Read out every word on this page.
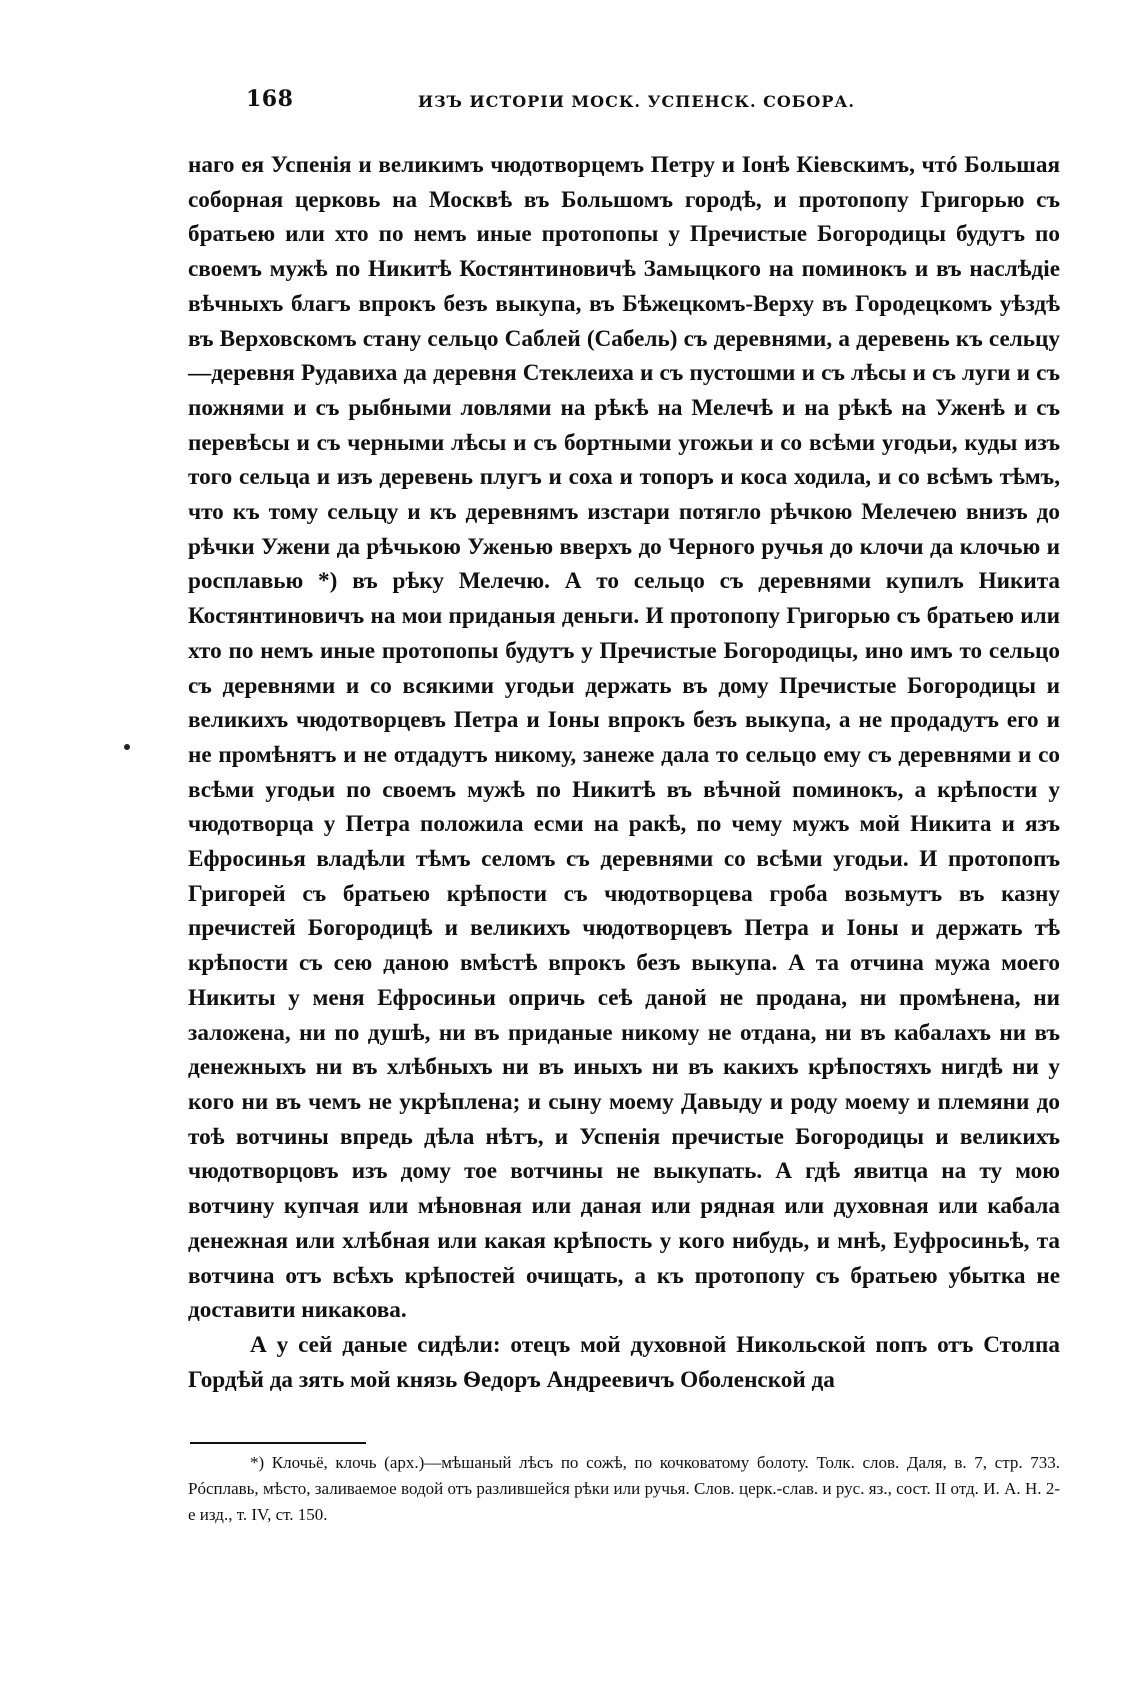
168	ИЗЪ ИСТОРІИ МОСК. УСПЕНСК. СОБОРА.

наго ея Успенія и великимъ чюдотворцемъ Петру и Іонѣ Кіевскимъ, чтó Большая соборная церковь на Москвѣ въ Большомъ городѣ, и протопопу Григорью съ братьею или хто по немъ иные протопопы у Пречистые Богородицы будутъ по своемъ мужѣ по Никитѣ Костянтиновичѣ Замыцкого на поминокъ и въ наслѣдіе вѣчныхъ благъ впрокъ безъ выкупа, въ Бѣжецкомъ-Верху въ Городецкомъ уѣздѣ въ Верховскомъ стану сельцо Саблей (Сабель) съ деревнями, а деревень къ сельцу —деревня Рудавиха да деревня Стеклеиха и съ пустошми и съ лѣсы и съ луги и съ пожнями и съ рыбными ловлями на рѣкѣ на Мелечѣ и на рѣкѣ на Уженѣ и съ перевѣсы и съ черными лѣсы и съ бортными угожьи и со всѣми угодьи, куды изъ того сельца и изъ деревень плугъ и соха и топоръ и коса ходила, и со всѣмъ тѣмъ, что къ тому сельцу и къ деревнямъ изстари потягло рѣчкою Мелечею внизъ до рѣчки Ужени да рѣчькою Уженью вверхъ до Черного ручья до клочи да клочью и росплавью *) въ рѣку Мелечю. А то сельцо съ деревнями купилъ Никита Костянтиновичъ на мои приданыя деньги. И протопопу Григорью съ братьею или хто по немъ иные протопопы будутъ у Пречистые Богородицы, ино имъ то сельцо съ деревнями и со всякими угодьи держать въ дому Пречистые Богородицы и великихъ чюдотворцевъ Петра и Іоны впрокъ безъ выкупа, а не продадутъ его и не промѣнятъ и не отдадутъ никому, занеже дала то сельцо ему съ деревнями и со всѣми угодьи по своемъ мужѣ по Никитѣ въ вѣчной поминокъ, а крѣпости у чюдотворца у Петра положила есми на ракѣ, по чему мужъ мой Никита и язъ Ефросинья владѣли тѣмъ селомъ съ деревнями со всѣми угодьи. И протопопъ Григорей съ братьею крѣпости съ чюдотворцева гроба возьмутъ въ казну пречистей Богородицѣ и великихъ чюдотворцевъ Петра и Іоны и держать тѣ крѣпости съ сею даною вмѣстѣ впрокъ безъ выкупа. А та отчина мужа моего Никиты у меня Ефросиньи опричь сеѣ даной не продана, ни промѣнена, ни заложена, ни по душѣ, ни въ приданые никому не отдана, ни въ кабалахъ ни въ денежныхъ ни въ хлѣбныхъ ни въ иныхъ ни въ какихъ крѣпостяхъ нигдѣ ни у кого ни въ чемъ не укрѣплена; и сыну моему Давыду и роду моему и племяни до тоѣ вотчины впредь дѣла нѣтъ, и Успенія пречистые Богородицы и великихъ чюдотворцовъ изъ дому тое вотчины не выкупать. А гдѣ явитца на ту мою вотчину купчая или мѣновная или даная или рядная или духовная или кабала денежная или хлѣбная или какая крѣпость у кого нибудь, и мнѣ, Еуфросиньѣ, та вотчина отъ всѣхъ крѣпостей очищать, а къ протопопу съ братьею убытка не доставити никакова.

А у сей даные сидѣли: отецъ мой духовной Никольской попъ отъ Столпа Гордѣй да зять мой князь Ѳедоръ Андреевичъ Оболенской да

*) Клочьё, клочь (арх.)—мѣшаный лѣсъ по сожѣ, по кочковатому болоту. Толк. слов. Даля, в. 7, стр. 733. Рóсплавь, мѣсто, заливаемое водой отъ разлившейся рѣки или ручья. Слов. церк.-слав. и рус. яз., сост. II отд. И. А. Н. 2-е изд., т. IV, ст. 150.
